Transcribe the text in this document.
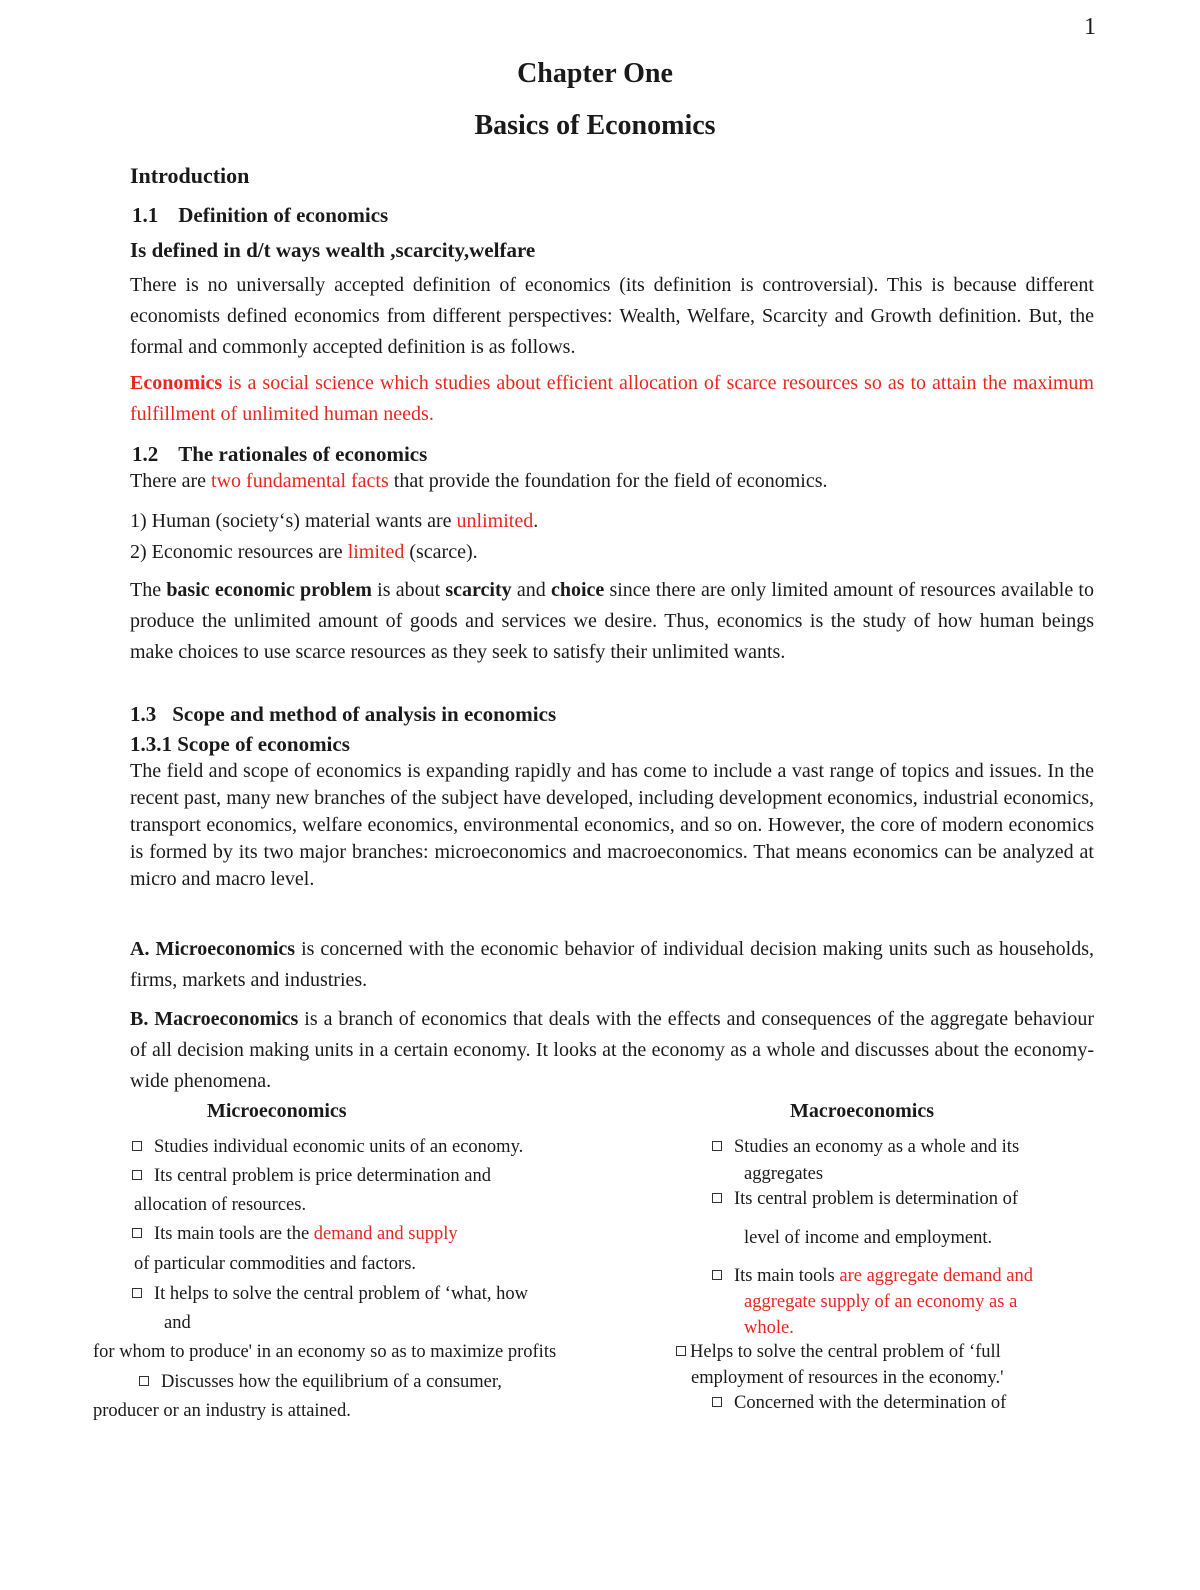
1
Chapter One
Basics of Economics
Introduction
1.1 Definition of economics
Is defined in d/t ways wealth ,scarcity,welfare

There is no universally accepted definition of economics (its definition is controversial). This is because different economists defined economics from different perspectives: Wealth, Welfare, Scarcity and Growth definition. But, the formal and commonly accepted definition is as follows.

Economics is a social science which studies about efficient allocation of scarce resources so as to attain the maximum fulfillment of unlimited human needs.

1.2 The rationales of economics

There are two fundamental facts that provide the foundation for the field of economics.

1) Human (society‘s) material wants are unlimited.

2) Economic resources are limited (scarce).

The basic economic problem is about scarcity and choice since there are only limited amount of resources available to produce the unlimited amount of goods and services we desire. Thus, economics is the study of how human beings make choices to use scarce resources as they seek to satisfy their unlimited wants.

1.3 Scope and method of analysis in economics
1.3.1 Scope of economics

The field and scope of economics is expanding rapidly and has come to include a vast range of topics and issues. In the recent past, many new branches of the subject have developed, including development economics, industrial economics, transport economics, welfare economics, environmental economics, and so on. However, the core of modern economics is formed by its two major branches: microeconomics and macroeconomics. That means economics can be analyzed at micro and macro level.

A. Microeconomics is concerned with the economic behavior of individual decision making units such as households, firms, markets and industries.

B. Macroeconomics is a branch of economics that deals with the effects and consequences of the aggregate behaviour of all decision making units in a certain economy. It looks at the economy as a whole and discusses about the economy-wide phenomena.

Microeconomics
Studies individual economic units of an economy.
Its central problem is price determination and
allocation of resources.
Its main tools are the demand and supply
of particular commodities and factors.
It helps to solve the central problem of ‘what, how
and
for whom to produce' in an economy so as to maximize profits
Discusses how the equilibrium of a consumer,
producer or an industry is attained.
Macroeconomics
Studies an economy as a whole and its
aggregates
Its central problem is determination of
level of income and employment.
Its main tools are aggregate demand and
aggregate supply of an economy as a
whole.
Helps to solve the central problem of ‘full
employment of resources in the economy.'
Concerned with the determination of
